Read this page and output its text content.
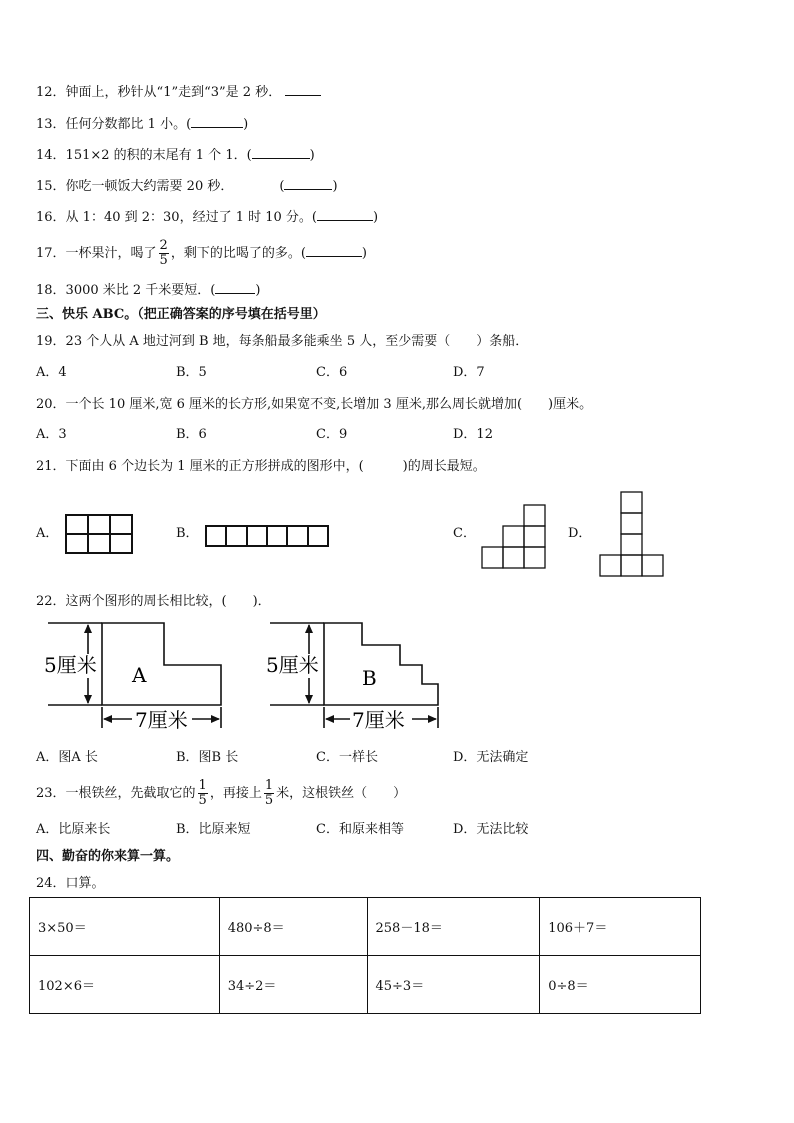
12．钟面上，秒针从“1”走到“3”是 2 秒．
13．任何分数都比 1 小。(	)
14．151×2 的积的末尾有 1 个 1．(	)
15．你吃一顿饭大约需要 20 秒．	(	)
16．从 1：40 到 2：30，经过了 1 时 10 分。(	)
17．一杯果汁，喝了 $\frac{2}{5}$ ，剩下的比喝了的多。(	)
18．3000 米比 2 千米要短．(	)
三、快乐 ABC。（把正确答案的序号填在括号里）
19．23 个人从 A 地过河到 B 地，每条船最多能乘坐 5 人，至少需要（　　）条船．
A．4	B．5	C．6	D．7
20．一个长 10 厘米,宽 6 厘米的长方形,如果宽不变,长增加 3 厘米,那么周长就增加(　　)厘米。
A．3	B．6	C．9	D．12
21．下面由 6 个边长为 1 厘米的正方形拼成的图形中，(　　　)的周长最短。
A．	B．	C．	D．
22．这两个图形的周长相比较，(　　)．
5厘米 A
7厘米
5厘米
B
7厘米
A．图A 长	B．图B 长	C．一样长	D．无法确定
23．一根铁丝，先截取它的 $\frac{1}{5}$ ，再接上 $\frac{1}{5}$ 米，这根铁丝（　　）
A．比原来长	B．比原来短	C．和原来相等	D．无法比较
四、勤奋的你来算一算。
24．口算。
3×50＝	480÷8＝	258－18＝	106＋7＝
102×6＝	34÷2＝	45÷3＝	0÷8＝
